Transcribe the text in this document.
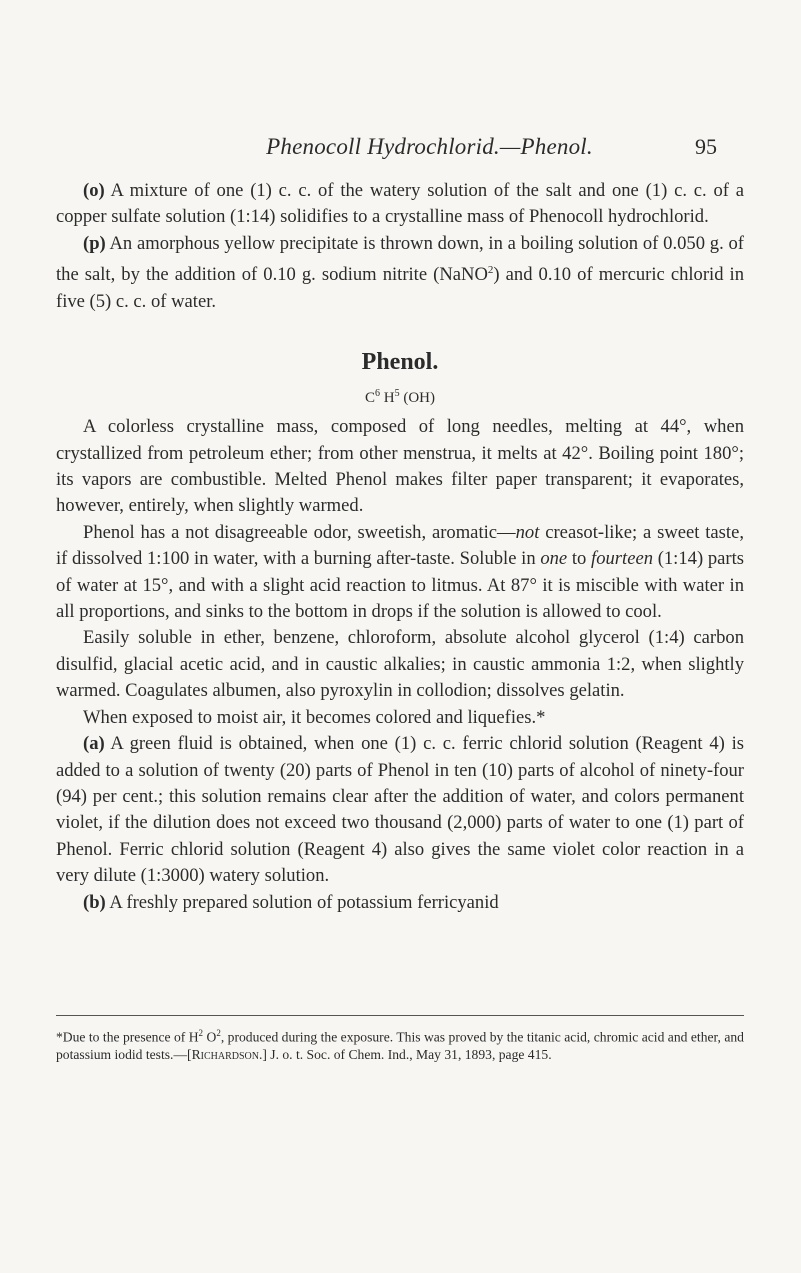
Phenocoll Hydrochlorid.—Phenol.	95

(o) A mixture of one (1) c. c. of the watery solution of the salt and one (1) c. c. of a copper sulfate solution (1:14) solidifies to a crystalline mass of Phenocoll hydrochlorid.

(p) An amorphous yellow precipitate is thrown down, in a boiling solution of 0.050 g. of the salt, by the addition of 0.10 g. sodium nitrite (NaNO$^2$) and 0.10 of mercuric chlorid in five (5) c. c. of water.

Phenol.
$C^6$ $H^5$ (OH)

A colorless crystalline mass, composed of long needles, melting at 44°, when crystallized from petroleum ether; from other menstrua, it melts at 42°. Boiling point 180°; its vapors are combustible. Melted Phenol makes filter paper transparent; it evaporates, however, entirely, when slightly warmed.

Phenol has a not disagreeable odor, sweetish, aromatic—not creasot-like; a sweet taste, if dissolved 1:100 in water, with a burning after-taste. Soluble in one to fourteen (1:14) parts of water at 15°, and with a slight acid reaction to litmus. At 87° it is miscible with water in all proportions, and sinks to the bottom in drops if the solution is allowed to cool.

Easily soluble in ether, benzene, chloroform, absolute alcohol glycerol (1:4) carbon disulfid, glacial acetic acid, and in caustic alkalies; in caustic ammonia 1:2, when slightly warmed. Coagulates albumen, also pyroxylin in collodion; dissolves gelatin.

When exposed to moist air, it becomes colored and liquefies.*

(a) A green fluid is obtained, when one (1) c. c. ferric chlorid solution (Reagent 4) is added to a solution of twenty (20) parts of Phenol in ten (10) parts of alcohol of ninety-four (94) per cent.; this solution remains clear after the addition of water, and colors permanent violet, if the dilution does not exceed two thousand (2,000) parts of water to one (1) part of Phenol. Ferric chlorid solution (Reagent 4) also gives the same violet color reaction in a very dilute (1:3000) watery solution.

(b) A freshly prepared solution of potassium ferricyanid

*Due to the presence of $H^2$ $O^2$, produced during the exposure. This was proved by the titanic acid, chromic acid and ether, and potassium iodid tests.—[Richardson.] J. o. t. Soc. of Chem. Ind., May 31, 1893, page 415.
